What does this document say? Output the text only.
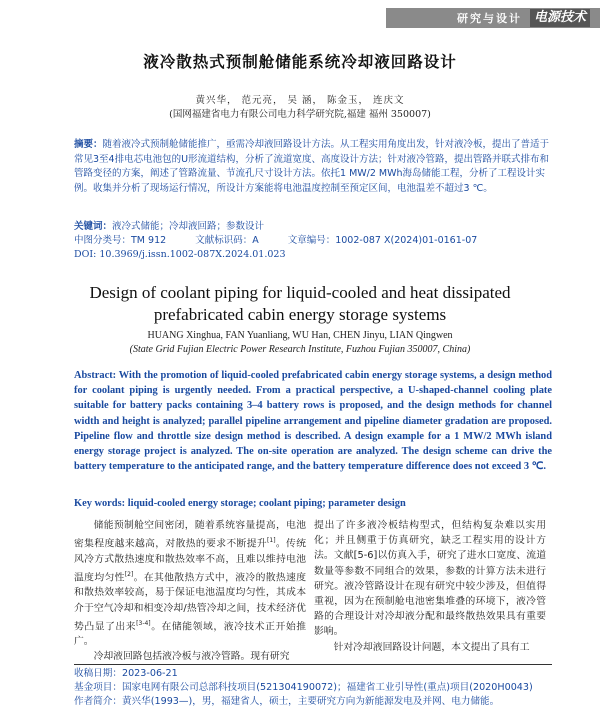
研究与设计 电源技术
液冷散热式预制舱储能系统冷却液回路设计
黄兴华， 范元亮， 吴 涵， 陈金玉， 连庆文
(国网福建省电力有限公司电力科学研究院,福建 福州 350007)
摘要：随着液冷式预制舱储能推广，亟需冷却液回路设计方法。从工程实用角度出发，针对液冷板，提出了普适于常见3至4排电芯电池包的U形流道结构，分析了流道宽度、高度设计方法；针对液冷管路，提出管路并联式排布和管路变径的方案，阐述了管路流量、节流孔尺寸设计方法。依托1 MW/2 MWh海岛储能工程，分析了工程设计实例。收集并分析了现场运行情况，所设计方案能将电池温度控制至预定区间，电池温差不超过3 ℃。
关键词：液冷式储能；冷却液回路；参数设计
中图分类号：TM 912	文献标识码：A	文章编号：1002-087 X(2024)01-0161-07
DOI: 10.3969/j.issn.1002-087X.2024.01.023
Design of coolant piping for liquid-cooled and heat dissipated prefabricated cabin energy storage systems
HUANG Xinghua, FAN Yuanliang, WU Han, CHEN Jinyu, LIAN Qingwen
(State Grid Fujian Electric Power Research Institute, Fuzhou Fujian 350007, China)
Abstract: With the promotion of liquid-cooled prefabricated cabin energy storage systems, a design method for coolant piping is urgently needed. From a practical perspective, a U-shaped-channel cooling plate suitable for battery packs containing 3–4 battery rows is proposed, and the design methods for channel width and height is analyzed; parallel pipeline arrangement and pipeline diameter gradation are proposed. Pipeline flow and throttle size design method is described. A design example for a 1 MW/2 MWh island energy storage project is analyzed. The on-site operation are analyzed. The design scheme can drive the battery temperature to the anticipated range, and the battery temperature difference does not exceed 3 ℃.
Key words: liquid-cooled energy storage; coolant piping; parameter design

储能预制舱空间密闭，随着系统容量提高，电池密集程度越来越高，对散热的要求不断提升[1]。传统风冷方式散热速度和散热效率不高，且难以维持电池温度均匀性[2]。在其他散热方式中，液冷的散热速度和散热效率较高，易于保证电池温度均匀性，其成本介于空气冷却和相变冷却/热管冷却之间，技术经济优势凸显了出来[3-4]。在储能领域，液冷技术正开始推广。

冷却液回路包括液冷板与液冷管路。现有研究

提出了许多液冷板结构型式，但结构复杂难以实用化；并且侧重于仿真研究，缺乏工程实用的设计方法。文献[5-6]以仿真入手，研究了进水口宽度、流道数量等参数不同组合的效果，参数的计算方法未进行研究。液冷管路设计在现有研究中较少涉及，但值得重视，因为在预制舱电池密集堆叠的环境下，液冷管路的合理设计对冷却液分配和最终散热效果具有重要影响。

针对冷却液回路设计问题，本文提出了具有工

收稿日期：2023-06-21
基金项目：国家电网有限公司总部科技项目(521304190072)；福建省工业引导性(重点)项目(2020H0043)
作者简介：黄兴华(1993—)，男，福建省人，硕士，主要研究方向为新能源发电及并网、电力储能。
